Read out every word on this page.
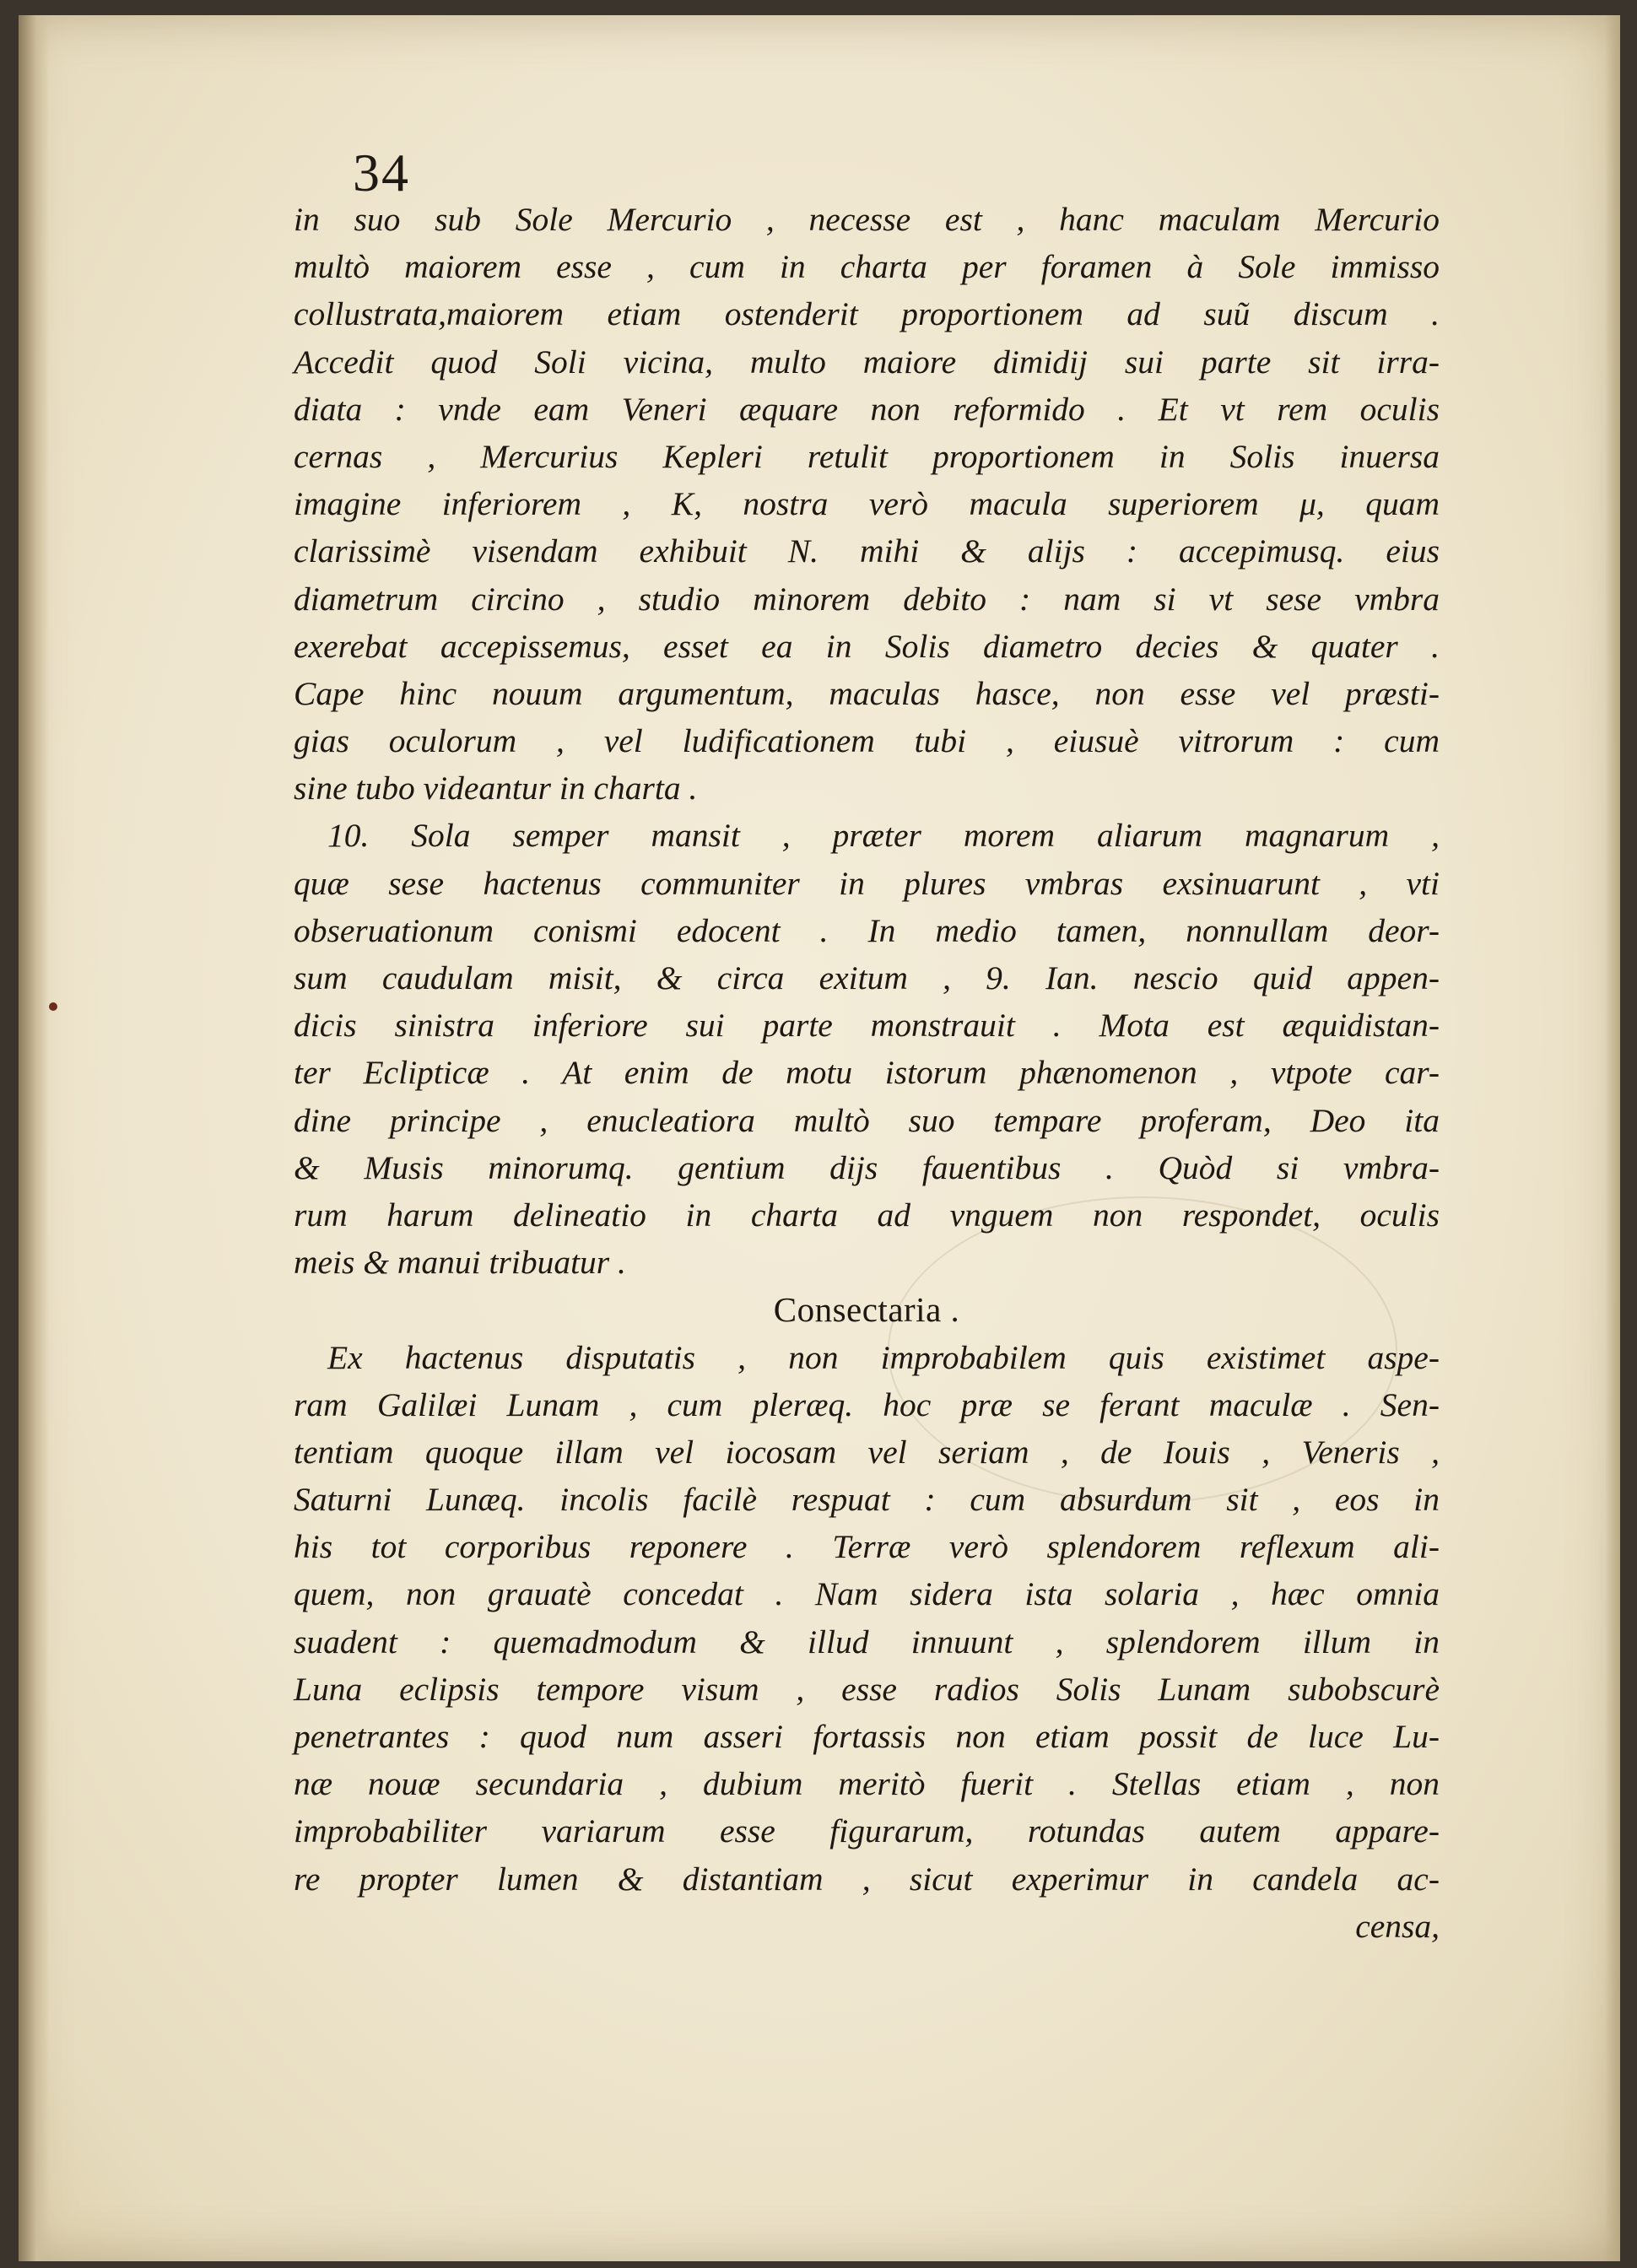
34
in suo sub Sole Mercurio , necesse est , hanc maculam Mercurio
multò maiorem esse , cum in charta per foramen à Sole immisso
collustrata,maiorem etiam ostenderit proportionem ad suũ discum .
Accedit quod Soli vicina, multo maiore dimidij sui parte sit irra-
diata : vnde eam Veneri æquare non reformido . Et vt rem oculis
cernas , Mercurius Kepleri retulit proportionem in Solis inuersa
imagine inferiorem , K, nostra verò macula superiorem μ, quam
clarissimè visendam exhibuit N. mihi & alijs : accepimusq. eius
diametrum circino , studio minorem debito : nam si vt sese vmbra
exerebat accepissemus, esset ea in Solis diametro decies & quater .
Cape hinc nouum argumentum, maculas hasce, non esse vel præsti-
gias oculorum , vel ludificationem tubi , eiusuè vitrorum : cum
sine tubo videantur in charta .
10. Sola semper mansit , præter morem aliarum magnarum ,
quæ sese hactenus communiter in plures vmbras exsinuarunt , vti
obseruationum conismi edocent . In medio tamen, nonnullam deor-
sum caudulam misit, & circa exitum , 9. Ian. nescio quid appen-
dicis sinistra inferiore sui parte monstrauit . Mota est æquidistan-
ter Eclipticæ . At enim de motu istorum phænomenon , vtpote car-
dine principe , enucleatiora multò suo tempare proferam, Deo ita
& Musis minorumq. gentium dijs fauentibus . Quòd si vmbra-
rum harum delineatio in charta ad vnguem non respondet, oculis
meis & manui tribuatur .
Consectaria .
Ex hactenus disputatis , non improbabilem quis existimet aspe-
ram Galilæi Lunam , cum pleræq. hoc præ se ferant maculæ . Sen-
tentiam quoque illam vel iocosam vel seriam , de Iouis , Veneris ,
Saturni Lunæq. incolis facilè respuat : cum absurdum sit , eos in
his tot corporibus reponere . Terræ verò splendorem reflexum ali-
quem, non grauatè concedat . Nam sidera ista solaria , hæc omnia
suadent : quemadmodum & illud innuunt , splendorem illum in
Luna eclipsis tempore visum , esse radios Solis Lunam subobscurè
penetrantes : quod num asseri fortassis non etiam possit de luce Lu-
næ nouæ secundaria , dubium meritò fuerit . Stellas etiam , non
improbabiliter variarum esse figurarum, rotundas autem appare-
re propter lumen & distantiam , sicut experimur in candela ac-
censa,
